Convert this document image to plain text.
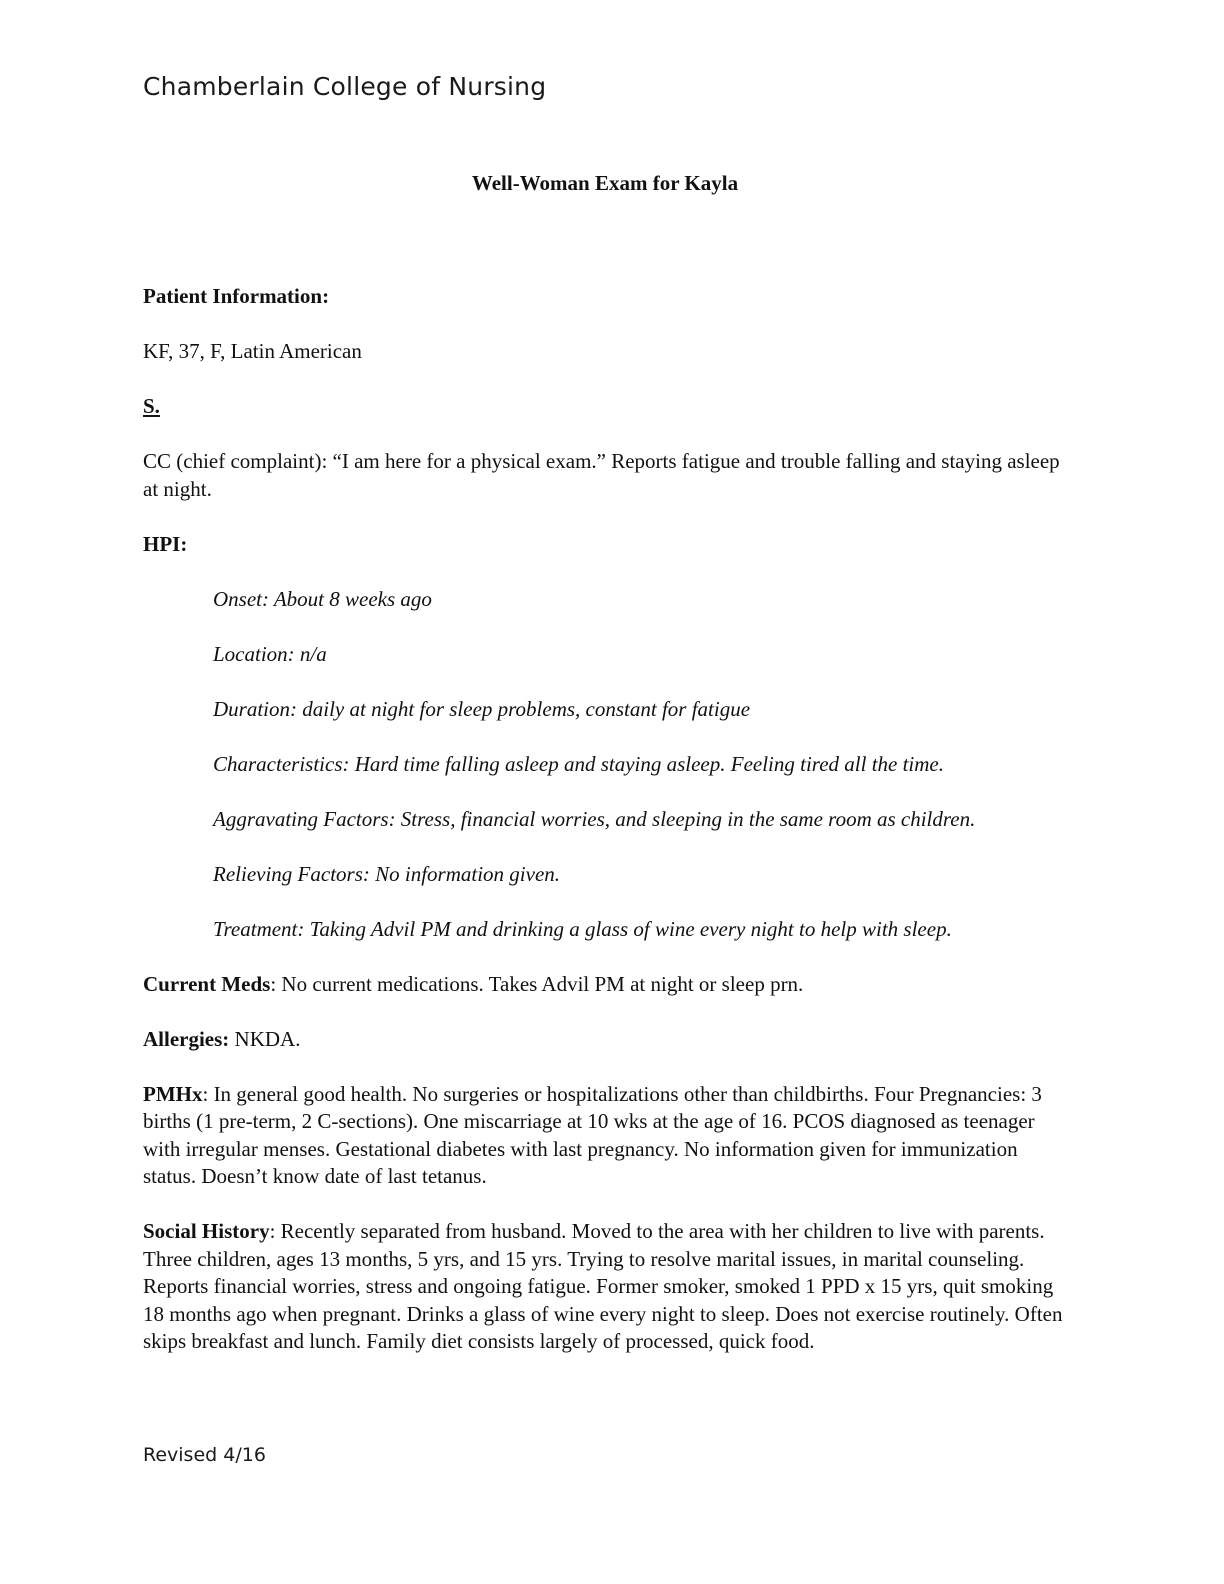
Chamberlain College of Nursing
Well-Woman Exam for Kayla

Patient Information:

KF, 37, F, Latin American

S.

CC (chief complaint): “I am here for a physical exam.” Reports fatigue and trouble falling and staying asleep at night.

HPI:

Onset: About 8 weeks ago

Location: n/a

Duration: daily at night for sleep problems, constant for fatigue

Characteristics: Hard time falling asleep and staying asleep. Feeling tired all the time.

Aggravating Factors: Stress, financial worries, and sleeping in the same room as children.

Relieving Factors: No information given.

Treatment: Taking Advil PM and drinking a glass of wine every night to help with sleep.

Current Meds: No current medications. Takes Advil PM at night or sleep prn.

Allergies: NKDA.

PMHx: In general good health. No surgeries or hospitalizations other than childbirths. Four Pregnancies: 3 births (1 pre-term, 2 C-sections). One miscarriage at 10 wks at the age of 16. PCOS diagnosed as teenager with irregular menses. Gestational diabetes with last pregnancy. No information given for immunization status. Doesn’t know date of last tetanus.

Social History: Recently separated from husband. Moved to the area with her children to live with parents. Three children, ages 13 months, 5 yrs, and 15 yrs. Trying to resolve marital issues, in marital counseling. Reports financial worries, stress and ongoing fatigue. Former smoker, smoked 1 PPD x 15 yrs, quit smoking 18 months ago when pregnant. Drinks a glass of wine every night to sleep. Does not exercise routinely. Often skips breakfast and lunch. Family diet consists largely of processed, quick food.

Revised 4/16
